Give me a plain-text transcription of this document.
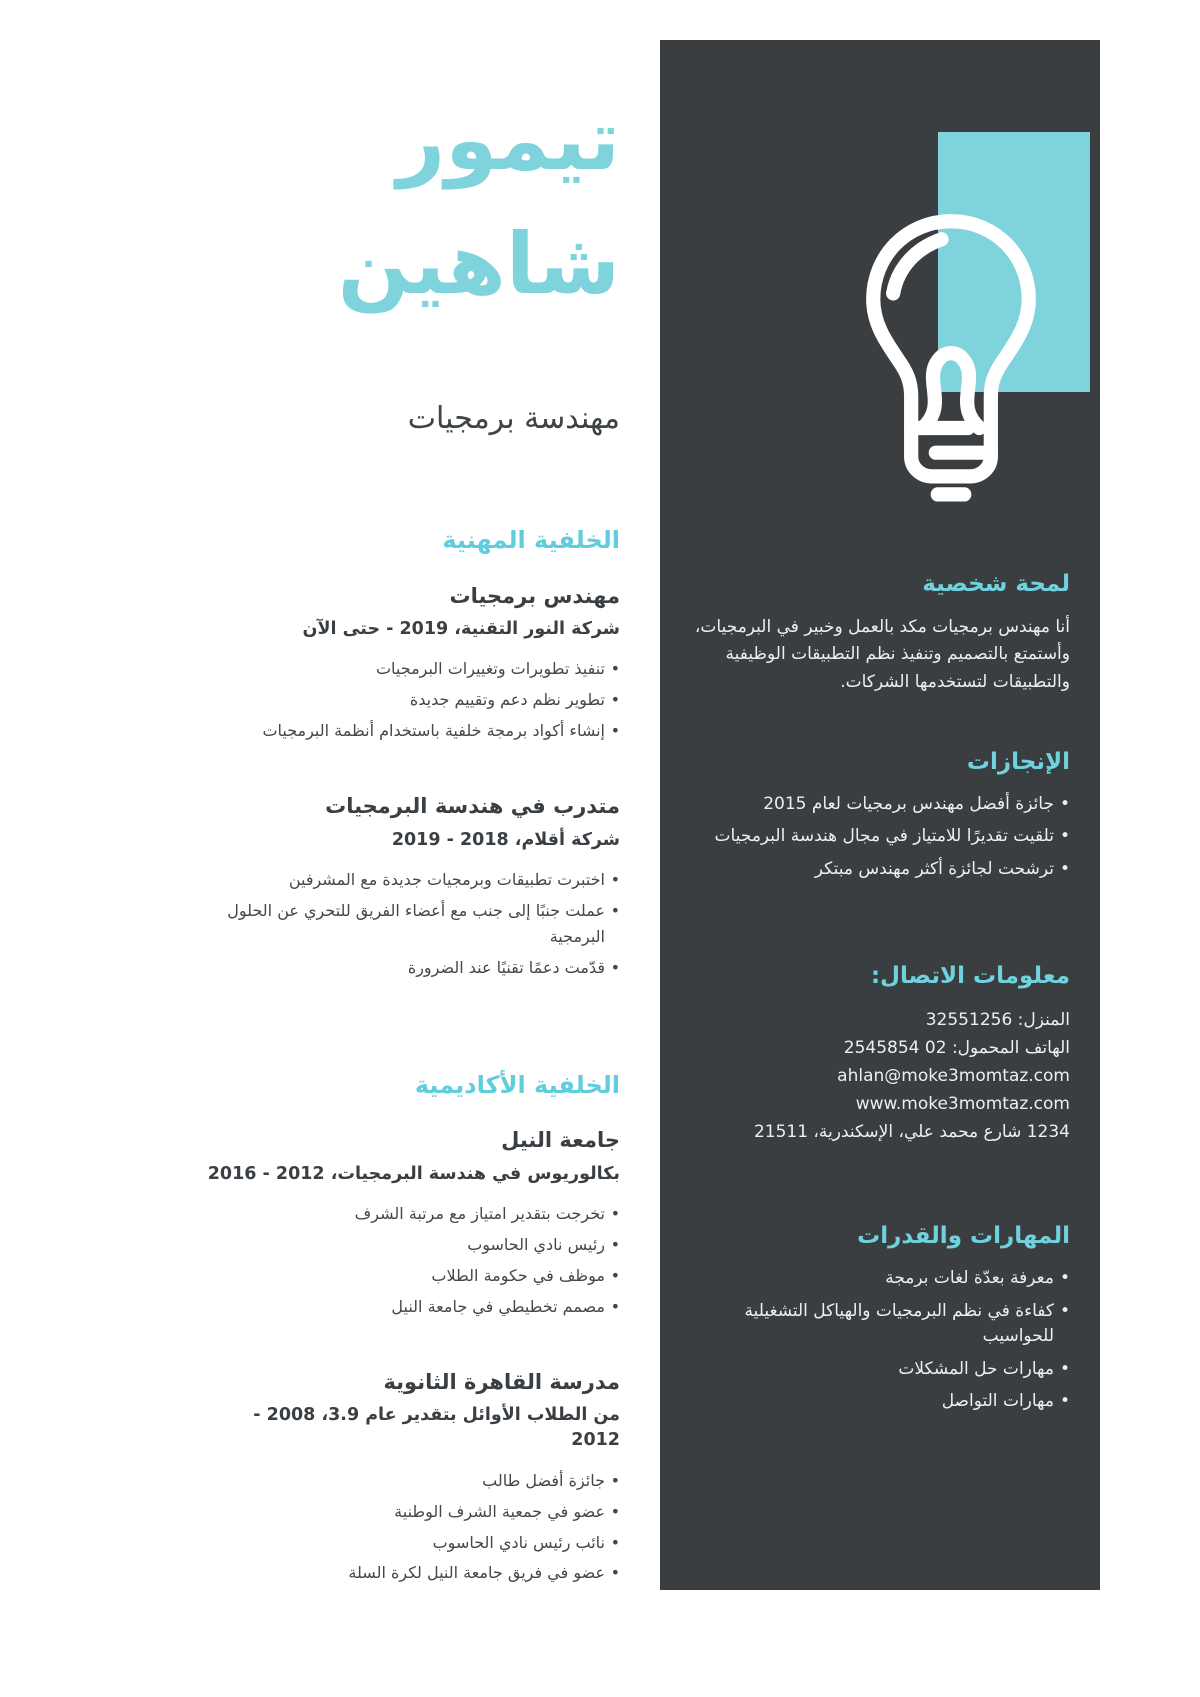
لمحة شخصية

أنا مهندس برمجيات مكد بالعمل وخبير في البرمجيات، وأستمتع بالتصميم وتنفيذ نظم التطبيقات الوظيفية والتطبيقات لتستخدمها الشركات.

الإنجازات
• جائزة أفضل مهندس برمجيات لعام 2015
• تلقيت تقديرًا للامتياز في مجال هندسة البرمجيات
• ترشحت لجائزة أكثر مهندس مبتكر
معلومات الاتصال:
المنزل: 32551256
الهاتف المحمول: 02 2545854
ahlan@moke3momtaz.com
www.moke3momtaz.com
1234 شارع محمد علي، الإسكندرية، 21511
المهارات والقدرات
• معرفة بعدّة لغات برمجة
• كفاءة في نظم البرمجيات والهياكل التشغيلية للحواسيب
• مهارات حل المشكلات
• مهارات التواصل
تيمور
شاهين
مهندسة برمجيات
الخلفية المهنية
مهندس برمجيات
شركة النور التقنية، 2019 - حتى الآن
• تنفيذ تطويرات وتغييرات البرمجيات
• تطوير نظم دعم وتقييم جديدة
• إنشاء أكواد برمجة خلفية باستخدام أنظمة البرمجيات
متدرب في هندسة البرمجيات
شركة أقلام، 2018 - 2019
• اختبرت تطبيقات وبرمجيات جديدة مع المشرفين
• عملت جنبًا إلى جنب مع أعضاء الفريق للتحري عن الحلول البرمجية
• قدّمت دعمًا تقنيًا عند الضرورة
الخلفية الأكاديمية
جامعة النيل
بكالوريوس في هندسة البرمجيات، 2012 - 2016
• تخرجت بتقدير امتياز مع مرتبة الشرف
• رئيس نادي الحاسوب
• موظف في حكومة الطلاب
• مصمم تخطيطي في جامعة النيل
مدرسة القاهرة الثانوية
من الطلاب الأوائل بتقدير عام 3.9، 2008 - 2012
• جائزة أفضل طالب
• عضو في جمعية الشرف الوطنية
• نائب رئيس نادي الحاسوب
• عضو في فريق جامعة النيل لكرة السلة
